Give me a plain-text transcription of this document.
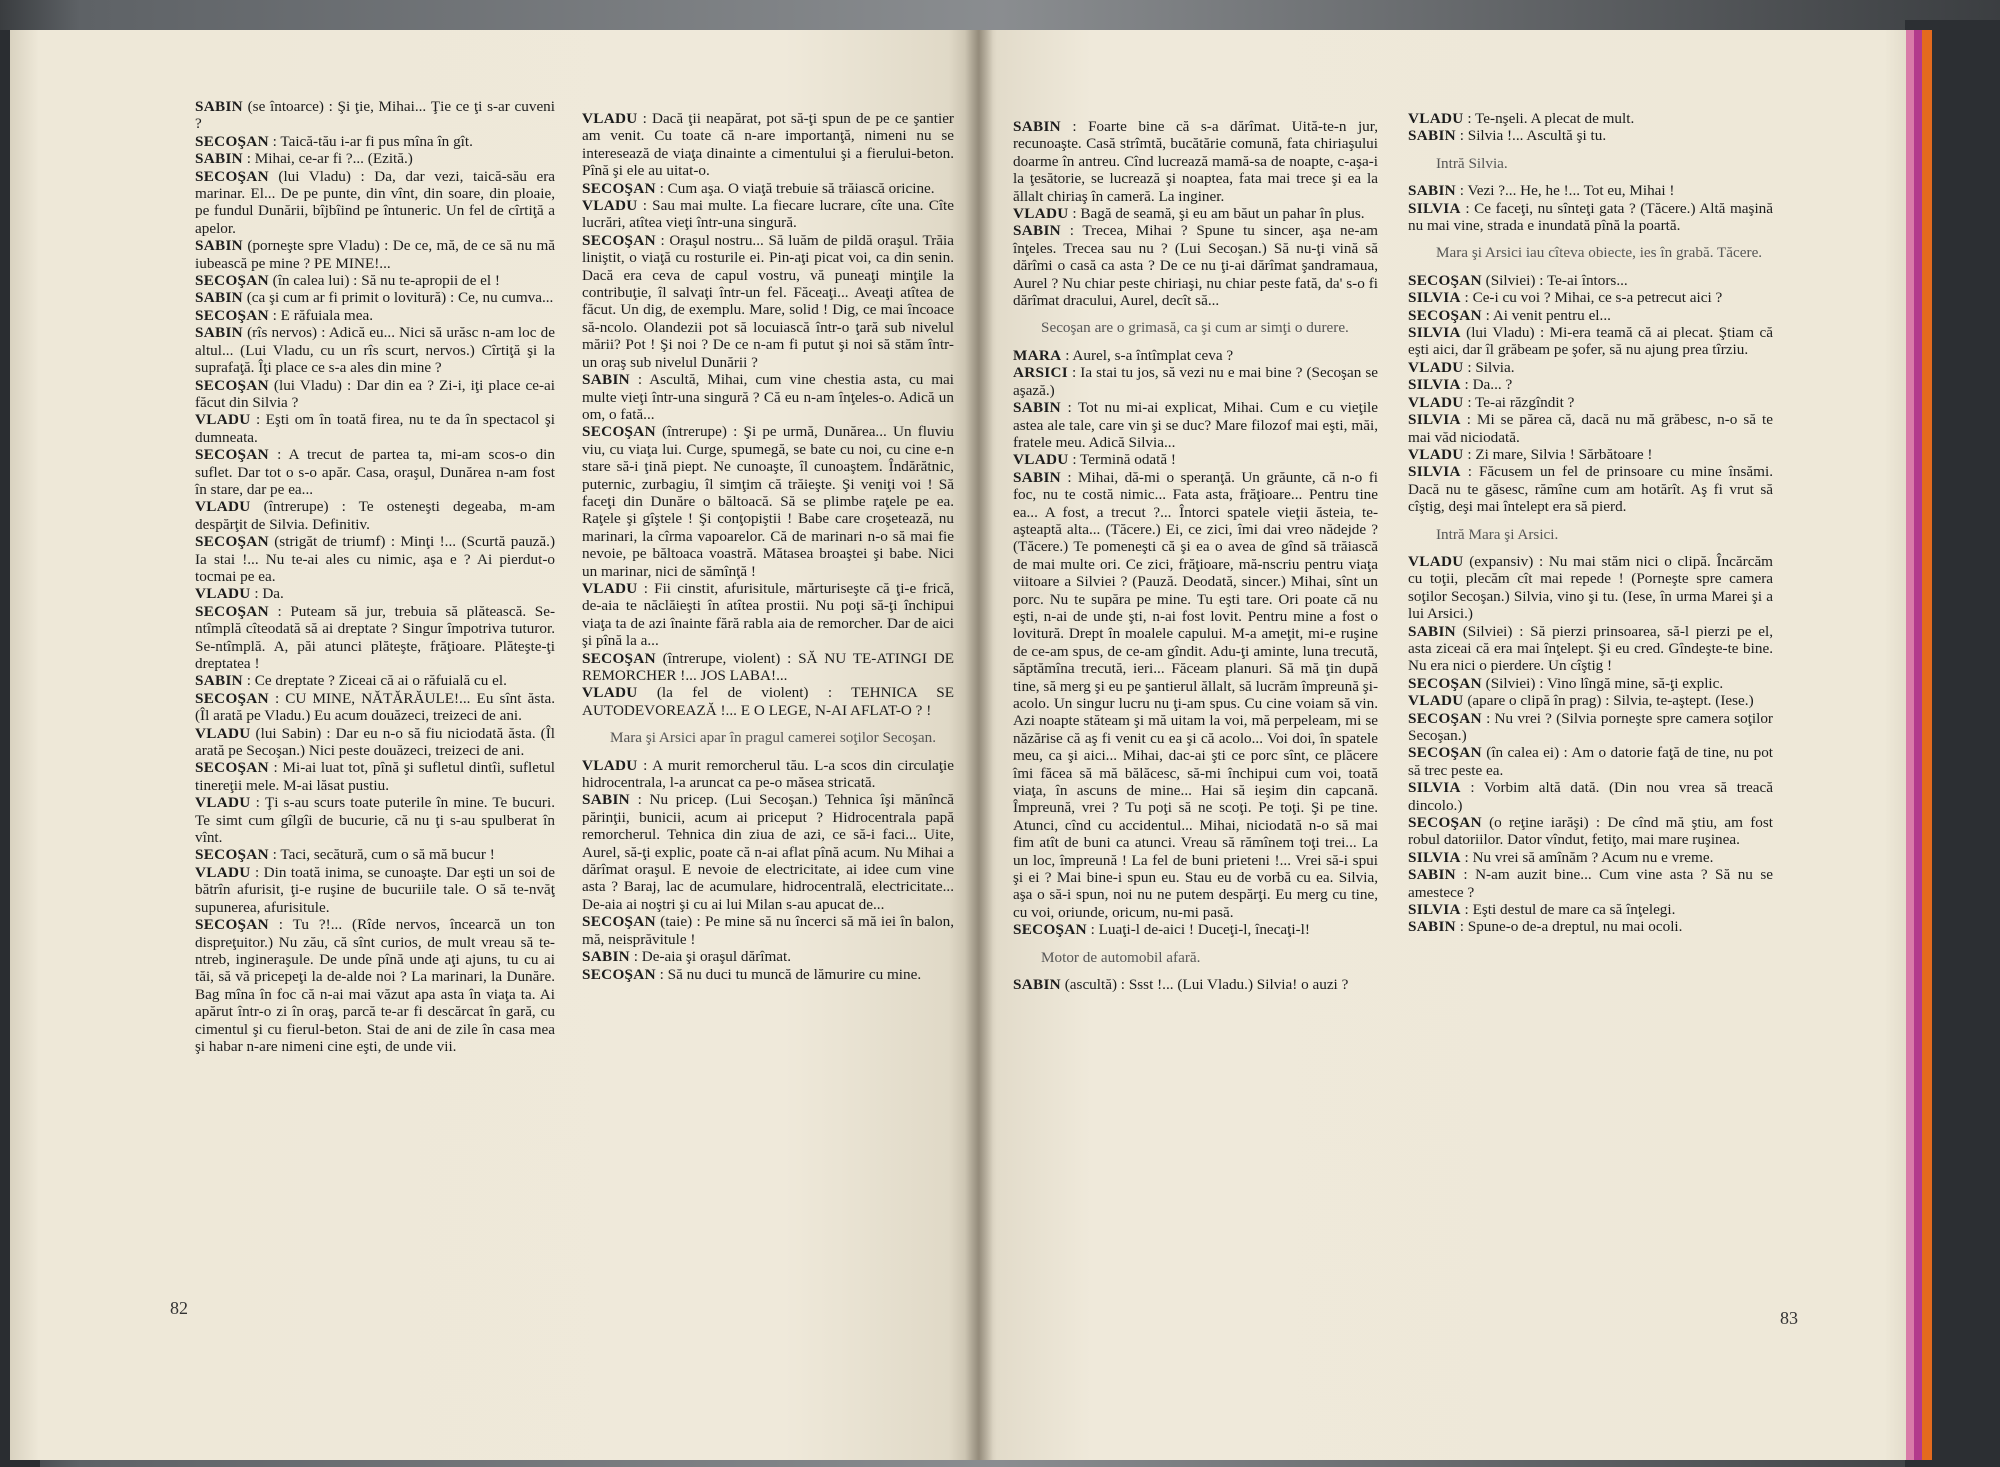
SABIN (se întoarce) : Şi ţie, Mihai... Ţie ce ţi s-ar cuveni ?

SECOŞAN : Taică-tău i-ar fi pus mîna în gît.

SABIN : Mihai, ce-ar fi ?... (Ezită.)

SECOŞAN (lui Vladu) : Da, dar vezi, taică-său era marinar. El... De pe punte, din vînt, din soare, din ploaie, pe fundul Dunării, bîjbîind pe întuneric. Un fel de cîrtiţă a apelor.

SABIN (porneşte spre Vladu) : De ce, mă, de ce să nu mă iubească pe mine ? PE MINE!...

SECOŞAN (în calea lui) : Să nu te-apropii de el !

SABIN (ca şi cum ar fi primit o lovitură) : Ce, nu cumva...

SECOŞAN : E răfuiala mea.

SABIN (rîs nervos) : Adică eu... Nici să urăsc n-am loc de altul... (Lui Vladu, cu un rîs scurt, nervos.) Cîrtiţă şi la suprafaţă. Îţi place ce s-a ales din mine ?

SECOŞAN (lui Vladu) : Dar din ea ? Zi-i, iţi place ce-ai făcut din Silvia ?

VLADU : Eşti om în toată firea, nu te da în spectacol şi dumneata.

SECOŞAN : A trecut de partea ta, mi-am scos-o din suflet. Dar tot o s-o apăr. Casa, oraşul, Dunărea n-am fost în stare, dar pe ea...

VLADU (întrerupe) : Te osteneşti degeaba, m-am despărţit de Silvia. Definitiv.

SECOŞAN (strigăt de triumf) : Minţi !... (Scurtă pauză.) Ia stai !... Nu te-ai ales cu nimic, aşa e ? Ai pierdut-o tocmai pe ea.

VLADU : Da.

SECOŞAN : Puteam să jur, trebuia să plătească. Se-ntîmplă cîteodată să ai dreptate ? Singur împotriva tuturor. Se-ntîmplă. A, păi atunci plăteşte, frăţioare. Plăteşte-ţi dreptatea !

SABIN : Ce dreptate ? Ziceai că ai o răfuială cu el.

SECOŞAN : CU MINE, NĂTĂRĂULE!... Eu sînt ăsta. (Îl arată pe Vladu.) Eu acum douăzeci, treizeci de ani.

VLADU (lui Sabin) : Dar eu n-o să fiu niciodată ăsta. (Îl arată pe Secoşan.) Nici peste douăzeci, treizeci de ani.

SECOŞAN : Mi-ai luat tot, pînă şi sufletul dintîi, sufletul tinereţii mele. M-ai lăsat pustiu.

VLADU : Ţi s-au scurs toate puterile în mine. Te bucuri. Te simt cum gîlgîi de bucurie, că nu ţi s-au spulberat în vînt.

SECOŞAN : Taci, secătură, cum o să mă bucur !

VLADU : Din toată inima, se cunoaşte. Dar eşti un soi de bătrîn afurisit, ţi-e ruşine de bucuriile tale. O să te-nvăţ supunerea, afurisitule.

SECOŞAN : Tu ?!... (Rîde nervos, încearcă un ton dispreţuitor.) Nu zău, că sînt curios, de mult vreau să te-ntreb, ingineraşule. De unde pînă unde aţi ajuns, tu cu ai tăi, să vă pricepeţi la de-alde noi ? La marinari, la Dunăre. Bag mîna în foc că n-ai mai văzut apa asta în viaţa ta. Ai apărut într-o zi în oraş, parcă te-ar fi descărcat în gară, cu cimentul şi cu fierul-beton. Stai de ani de zile în casa mea şi habar n-are nimeni cine eşti, de unde vii.

VLADU : Dacă ţii neapărat, pot să-ţi spun de pe ce şantier am venit. Cu toate că n-are importanţă, nimeni nu se interesează de viaţa dinainte a cimentului şi a fierului-beton. Pînă şi ele au uitat-o.

SECOŞAN : Cum aşa. O viaţă trebuie să trăiască oricine.

VLADU : Sau mai multe. La fiecare lucrare, cîte una. Cîte lucrări, atîtea vieţi într-una singură.

SECOŞAN : Oraşul nostru... Să luăm de pildă oraşul. Trăia liniştit, o viaţă cu rosturile ei. Pin-aţi picat voi, ca din senin. Dacă era ceva de capul vostru, vă puneaţi minţile la contribuţie, îl salvaţi într-un fel. Făceaţi... Aveaţi atîtea de făcut. Un dig, de exemplu. Mare, solid ! Dig, ce mai încoace să-ncolo. Olandezii pot să locuiască într-o ţară sub nivelul mării? Pot ! Şi noi ? De ce n-am fi putut şi noi să stăm într-un oraş sub nivelul Dunării ?

SABIN : Ascultă, Mihai, cum vine chestia asta, cu mai multe vieţi într-una singură ? Că eu n-am înţeles-o. Adică un om, o fată...

SECOŞAN (întrerupe) : Şi pe urmă, Dunărea... Un fluviu viu, cu viaţa lui. Curge, spumegă, se bate cu noi, cu cine e-n stare să-i ţină piept. Ne cunoaşte, îl cunoaştem. Îndărătnic, puternic, zurbagiu, îl simţim că trăieşte. Şi veniţi voi ! Să faceţi din Dunăre o băltoacă. Să se plimbe raţele pe ea. Raţele şi gîştele ! Şi conţopiştii ! Babe care croşetează, nu marinari, la cîrma vapoarelor. Că de marinari n-o să mai fie nevoie, pe băltoaca voastră. Mătasea broaştei şi babe. Nici un marinar, nici de sămînţă !

VLADU : Fii cinstit, afurisitule, mărturiseşte că ţi-e frică, de-aia te năclăieşti în atîtea prostii. Nu poţi să-ţi închipui viaţa ta de azi înainte fără rabla aia de remorcher. Dar de aici şi pînă la a...

SECOŞAN (întrerupe, violent) : SĂ NU TE-ATINGI DE REMORCHER !... JOS LABA!...

VLADU (la fel de violent) : TEHNICA SE AUTODEVOREAZĂ !... E O LEGE, N-AI AFLAT-O ? !

Mara şi Arsici apar în pragul camerei soţilor Secoşan.

VLADU : A murit remorcherul tău. L-a scos din circulaţie hidrocentrala, l-a aruncat ca pe-o măsea stricată.

SABIN : Nu pricep. (Lui Secoşan.) Tehnica îşi mănîncă părinţii, bunicii, acum ai priceput ? Hidrocentrala papă remorcherul. Tehnica din ziua de azi, ce să-i faci... Uite, Aurel, să-ţi explic, poate că n-ai aflat pînă acum. Nu Mihai a dărîmat oraşul. E nevoie de electricitate, ai idee cum vine asta ? Baraj, lac de acumulare, hidrocentrală, electricitate... De-aia ai noştri şi cu ai lui Milan s-au apucat de...

SECOŞAN (taie) : Pe mine să nu încerci să mă iei în balon, mă, neisprăvitule !

SABIN : De-aia şi oraşul dărîmat.

SECOŞAN : Să nu duci tu muncă de lămurire cu mine.

82

SABIN : Foarte bine că s-a dărîmat. Uită-te-n jur, recunoaşte. Casă strîmtă, bucătărie comună, fata chiriaşului doarme în antreu. Cînd lucrează mamă-sa de noapte, c-aşa-i la ţesătorie, se lucrează şi noaptea, fata mai trece şi ea la ăllalt chiriaş în cameră. La inginer.

VLADU : Bagă de seamă, şi eu am băut un pahar în plus.

SABIN : Trecea, Mihai ? Spune tu sincer, aşa ne-am înţeles. Trecea sau nu ? (Lui Secoşan.) Să nu-ţi vină să dărîmi o casă ca asta ? De ce nu ţi-ai dărîmat şandramaua, Aurel ? Nu chiar peste chiriaşi, nu chiar peste fată, da' s-o fi dărîmat dracului, Aurel, decît să...

Secoşan are o grimasă, ca şi cum ar simţi o durere.

MARA : Aurel, s-a întîmplat ceva ?

ARSICI : Ia stai tu jos, să vezi nu e mai bine ? (Secoşan se aşază.)

SABIN : Tot nu mi-ai explicat, Mihai. Cum e cu vieţile astea ale tale, care vin şi se duc? Mare filozof mai eşti, măi, fratele meu. Adică Silvia...

VLADU : Termină odată !

SABIN : Mihai, dă-mi o speranţă. Un grăunte, că n-o fi foc, nu te costă nimic... Fata asta, frăţioare... Pentru tine ea... A fost, a trecut ?... Întorci spatele vieţii ăsteia, te-aşteaptă alta... (Tăcere.) Ei, ce zici, îmi dai vreo nădejde ? (Tăcere.) Te pomeneşti că şi ea o avea de gînd să trăiască de mai multe ori. Ce zici, frăţioare, mă-nscriu pentru viaţa viitoare a Silviei ? (Pauză. Deodată, sincer.) Mihai, sînt un porc. Nu te supăra pe mine. Tu eşti tare. Ori poate că nu eşti, n-ai de unde şti, n-ai fost lovit. Pentru mine a fost o lovitură. Drept în moalele capului. M-a ameţit, mi-e ruşine de ce-am spus, de ce-am gîndit. Adu-ţi aminte, luna trecută, săptămîna trecută, ieri... Făceam planuri. Să mă ţin după tine, să merg şi eu pe şantierul ăllalt, să lucrăm împreună şi-acolo. Un singur lucru nu ţi-am spus. Cu cine voiam să vin. Azi noapte stăteam şi mă uitam la voi, mă perpeleam, mi se năzărise că aş fi venit cu ea şi că acolo... Voi doi, în spatele meu, ca şi aici... Mihai, dac-ai şti ce porc sînt, ce plăcere îmi făcea să mă bălăcesc, să-mi închipui cum voi, toată viaţa, în ascuns de mine... Hai să ieşim din capcană. Împreună, vrei ? Tu poţi să ne scoţi. Pe toţi. Şi pe tine. Atunci, cînd cu accidentul... Mihai, niciodată n-o să mai fim atît de buni ca atunci. Vreau să rămînem toţi trei... La un loc, împreună ! La fel de buni prieteni !... Vrei să-i spui şi ei ? Mai bine-i spun eu. Stau eu de vorbă cu ea. Silvia, aşa o să-i spun, noi nu ne putem despărţi. Eu merg cu tine, cu voi, oriunde, oricum, nu-mi pasă.

SECOŞAN : Luaţi-l de-aici ! Duceţi-l, înecaţi-l!

Motor de automobil afară.

SABIN (ascultă) : Ssst !... (Lui Vladu.) Silvia! o auzi ?

VLADU : Te-nşeli. A plecat de mult.

SABIN : Silvia !... Ascultă şi tu.

Intră Silvia.

SABIN : Vezi ?... He, he !... Tot eu, Mihai !

SILVIA : Ce faceţi, nu sînteţi gata ? (Tăcere.) Altă maşină nu mai vine, strada e inundată pînă la poartă.

Mara şi Arsici iau cîteva obiecte, ies în grabă. Tăcere.

SECOŞAN (Silviei) : Te-ai întors...

SILVIA : Ce-i cu voi ? Mihai, ce s-a petrecut aici ?

SECOŞAN : Ai venit pentru el...

SILVIA (lui Vladu) : Mi-era teamă că ai plecat. Ştiam că eşti aici, dar îl grăbeam pe şofer, să nu ajung prea tîrziu.

VLADU : Silvia.

SILVIA : Da... ?

VLADU : Te-ai răzgîndit ?

SILVIA : Mi se părea că, dacă nu mă grăbesc, n-o să te mai văd niciodată.

VLADU : Zi mare, Silvia ! Sărbătoare !

SILVIA : Făcusem un fel de prinsoare cu mine însămi. Dacă nu te găsesc, rămîne cum am hotărît. Aş fi vrut să cîştig, deşi mai întelept era să pierd.

Intră Mara şi Arsici.

VLADU (expansiv) : Nu mai stăm nici o clipă. Încărcăm cu toţii, plecăm cît mai repede ! (Porneşte spre camera soţilor Secoşan.) Silvia, vino şi tu. (Iese, în urma Marei şi a lui Arsici.)

SABIN (Silviei) : Să pierzi prinsoarea, să-l pierzi pe el, asta ziceai că era mai înţelept. Şi eu cred. Gîndeşte-te bine. Nu era nici o pierdere. Un cîştig !

SECOŞAN (Silviei) : Vino lîngă mine, să-ţi explic.

VLADU (apare o clipă în prag) : Silvia, te-aştept. (Iese.)

SECOŞAN : Nu vrei ? (Silvia porneşte spre camera soţilor Secoşan.)

SECOŞAN (în calea ei) : Am o datorie faţă de tine, nu pot să trec peste ea.

SILVIA : Vorbim altă dată. (Din nou vrea să treacă dincolo.)

SECOŞAN (o reţine iarăşi) : De cînd mă ştiu, am fost robul datoriilor. Dator vîndut, fetiţo, mai mare ruşinea.

SILVIA : Nu vrei să amînăm ? Acum nu e vreme.

SABIN : N-am auzit bine... Cum vine asta ? Să nu se amestece ?

SILVIA : Eşti destul de mare ca să înţelegi.

SABIN : Spune-o de-a dreptul, nu mai ocoli.

83
